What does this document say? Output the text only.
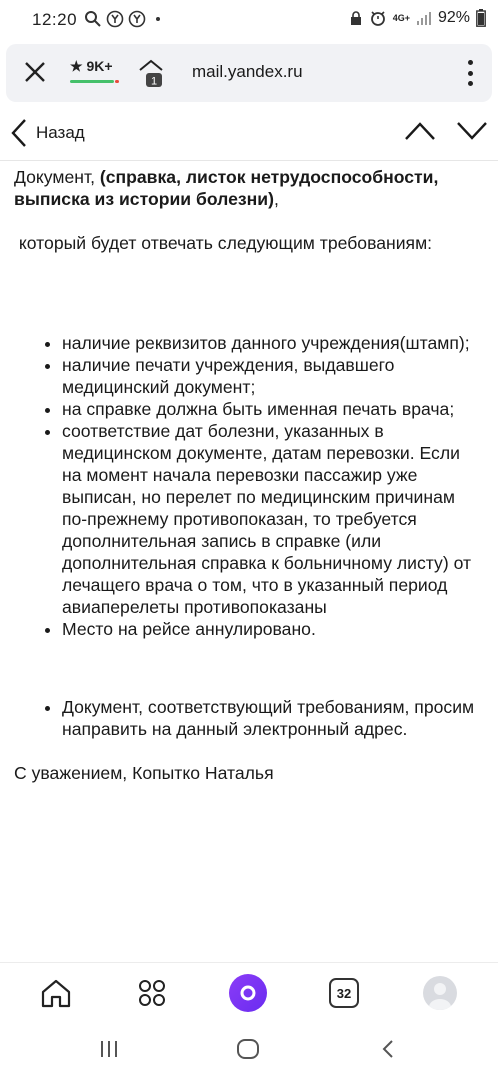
12:20	4G+ 92%
★ 9K+
1
mail.yandex.ru
Назад

Документ, (справка, листок нетрудоспособности, выписка из истории болезни),

который будет отвечать следующим требованиям:

• наличие реквизитов данного учреждения(штамп);
• наличие печати учреждения, выдавшего медицинский документ;
• на справке должна быть именная печать врача;
• соответствие дат болезни, указанных в медицинском документе, датам перевозки. Если на момент начала перевозки пассажир уже выписан, но перелет по медицинским причинам по-прежнему противопоказан, то требуется дополнительная запись в справке (или дополнительная справка к больничному листу) от лечащего врача о том, что в указанный период авиаперелеты противопоказаны
• Место на рейсе аннулировано.
• Документ, соответствующий требованиям, просим направить на данный электронный адрес.

С уважением, Копытко Наталья

32
